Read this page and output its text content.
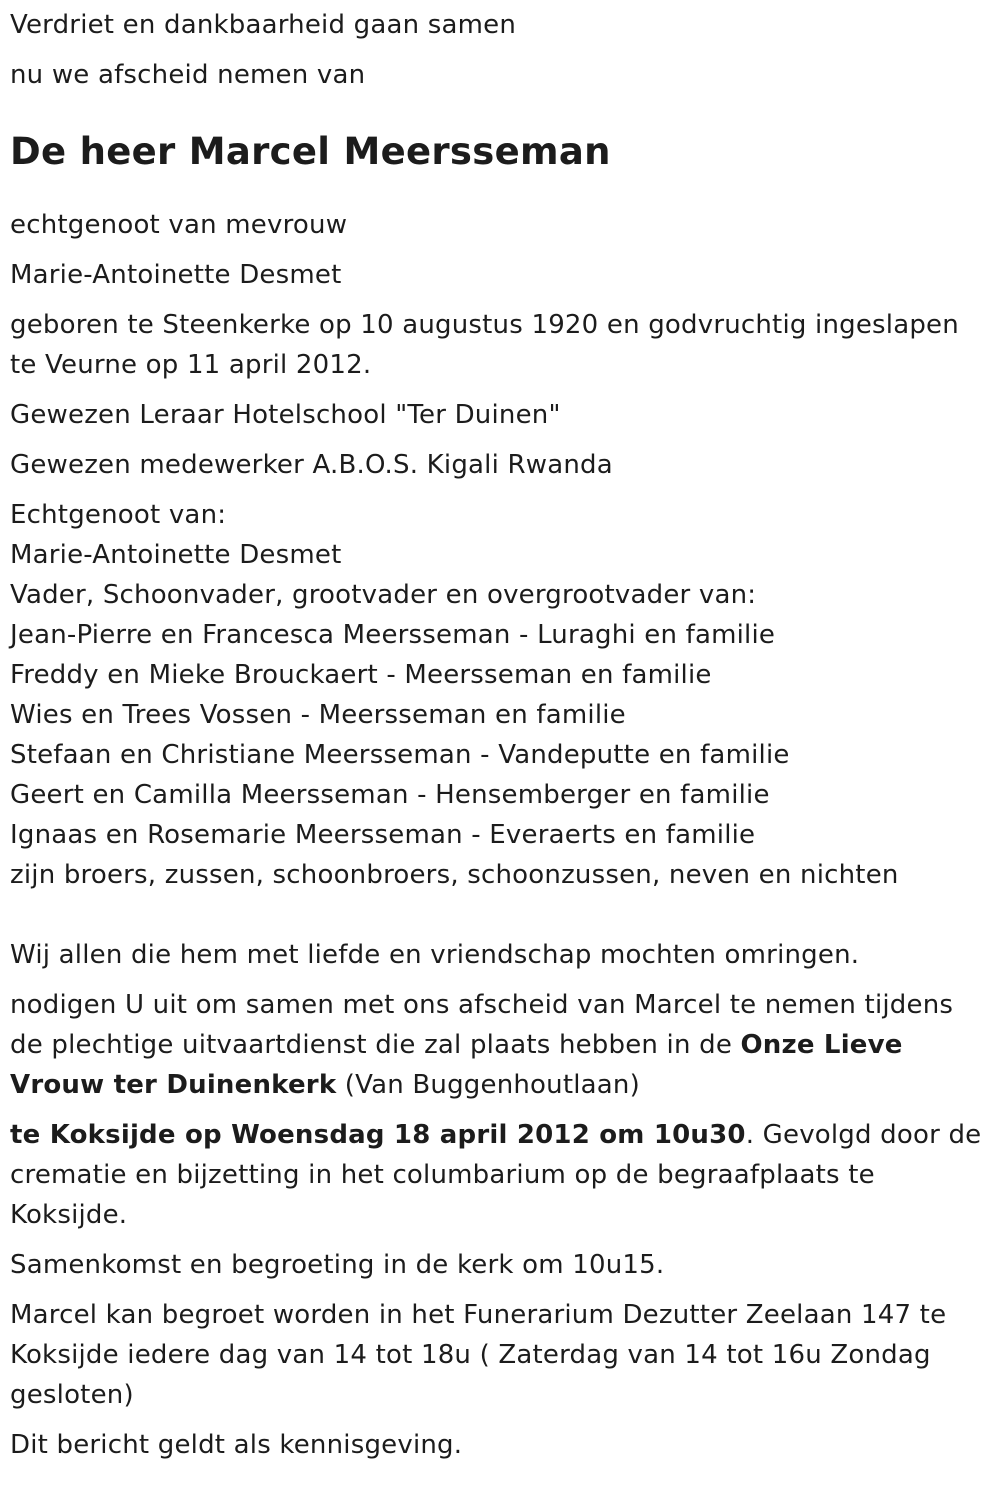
Verdriet en dankbaarheid gaan samen

nu we afscheid nemen van

De heer Marcel Meersseman

echtgenoot van mevrouw

Marie-Antoinette Desmet

geboren te Steenkerke op 10 augustus 1920 en godvruchtig ingeslapen te Veurne op 11 april 2012.

Gewezen Leraar Hotelschool "Ter Duinen"

Gewezen medewerker A.B.O.S. Kigali Rwanda

Echtgenoot van:

Marie-Antoinette Desmet

Vader, Schoonvader, grootvader en overgrootvader van:

Jean-Pierre en Francesca Meersseman - Luraghi en familie

Freddy en Mieke Brouckaert - Meersseman en familie

Wies en Trees Vossen - Meersseman en familie

Stefaan en Christiane Meersseman - Vandeputte en familie

Geert en Camilla Meersseman - Hensemberger en familie

Ignaas en Rosemarie Meersseman - Everaerts en familie

zijn broers, zussen, schoonbroers, schoonzussen, neven en nichten

Wij allen die hem met liefde en vriendschap mochten omringen.

nodigen U uit om samen met ons afscheid van Marcel te nemen tijdens de plechtige uitvaartdienst die zal plaats hebben in de Onze Lieve Vrouw ter Duinenkerk (Van Buggenhoutlaan)

te Koksijde op Woensdag 18 april 2012 om 10u30. Gevolgd door de crematie en bijzetting in het columbarium op de begraafplaats te Koksijde.

Samenkomst en begroeting in de kerk om 10u15.

Marcel kan begroet worden in het Funerarium Dezutter Zeelaan 147 te Koksijde iedere dag van 14 tot 18u ( Zaterdag van 14 tot 16u Zondag gesloten)

Dit bericht geldt als kennisgeving.
